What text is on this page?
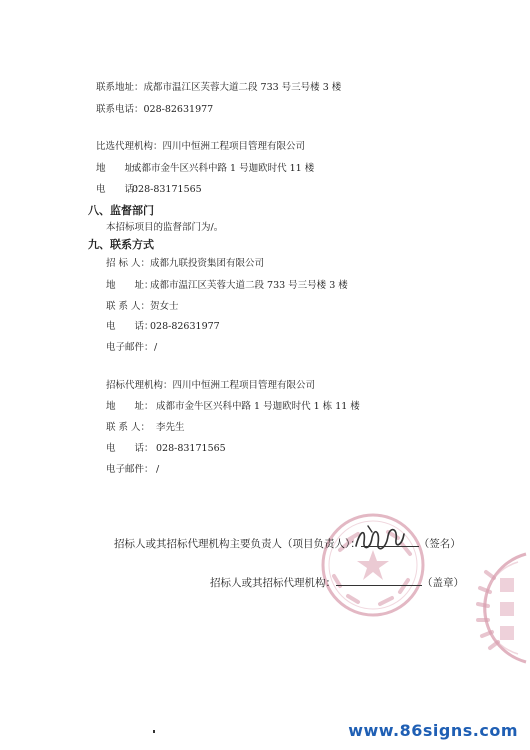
联系地址：成都市温江区芙蓉大道二段 733 号三号楼 3 楼
联系电话：028-82631977
比选代理机构：四川中恒洲工程项目管理有限公司
地　　址：成都市金牛区兴科中路 1 号迦欧时代 11 楼
电　　话：028-83171565
八、监督部门
本招标项目的监督部门为/。
九、联系方式
招 标 人：成都九联投资集团有限公司
地　　址：成都市温江区芙蓉大道二段 733 号三号楼 3 楼
联 系 人：贺女士
电　　话：028-82631977
电子邮件：/
招标代理机构：四川中恒洲工程项目管理有限公司
地　　址： 成都市金牛区兴科中路 1 号迦欧时代 1 栋 11 楼
联 系 人： 李先生
电　　话： 028-83171565
电子邮件： /
招标人或其招标代理机构主要负责人（项目负责人）：	（签名）
招标人或其招标代理机构：	（盖章）
www.86signs.com
